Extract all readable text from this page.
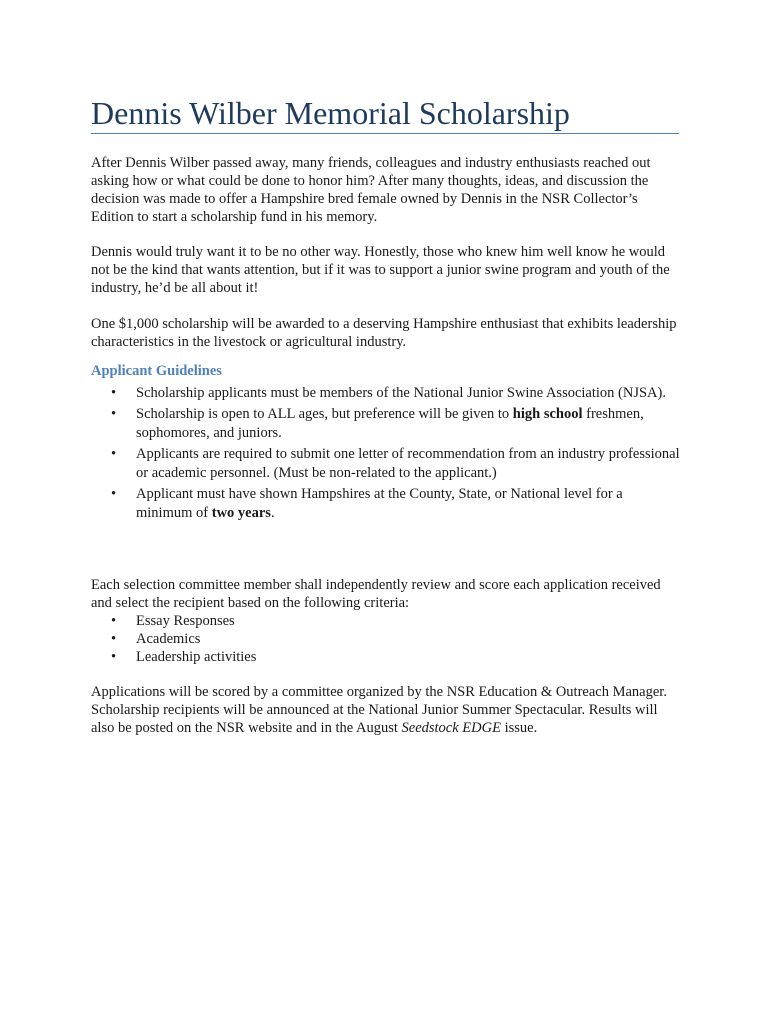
Dennis Wilber Memorial Scholarship

After Dennis Wilber passed away, many friends, colleagues and industry enthusiasts reached out asking how or what could be done to honor him? After many thoughts, ideas, and discussion the decision was made to offer a Hampshire bred female owned by Dennis in the NSR Collector’s Edition to start a scholarship fund in his memory.

Dennis would truly want it to be no other way. Honestly, those who knew him well know he would not be the kind that wants attention, but if it was to support a junior swine program and youth of the industry, he’d be all about it!

One $1,000 scholarship will be awarded to a deserving Hampshire enthusiast that exhibits leadership characteristics in the livestock or agricultural industry.

Applicant Guidelines
• Scholarship applicants must be members of the National Junior Swine Association (NJSA).
• Scholarship is open to ALL ages, but preference will be given to high school freshmen, sophomores, and juniors.
• Applicants are required to submit one letter of recommendation from an industry professional or academic personnel. (Must be non-related to the applicant.)
• Applicant must have shown Hampshires at the County, State, or National level for a minimum of two years.

Each selection committee member shall independently review and score each application received and select the recipient based on the following criteria:

• Essay Responses
• Academics
• Leadership activities

Applications will be scored by a committee organized by the NSR Education & Outreach Manager. Scholarship recipients will be announced at the National Junior Summer Spectacular. Results will also be posted on the NSR website and in the August Seedstock EDGE issue.
